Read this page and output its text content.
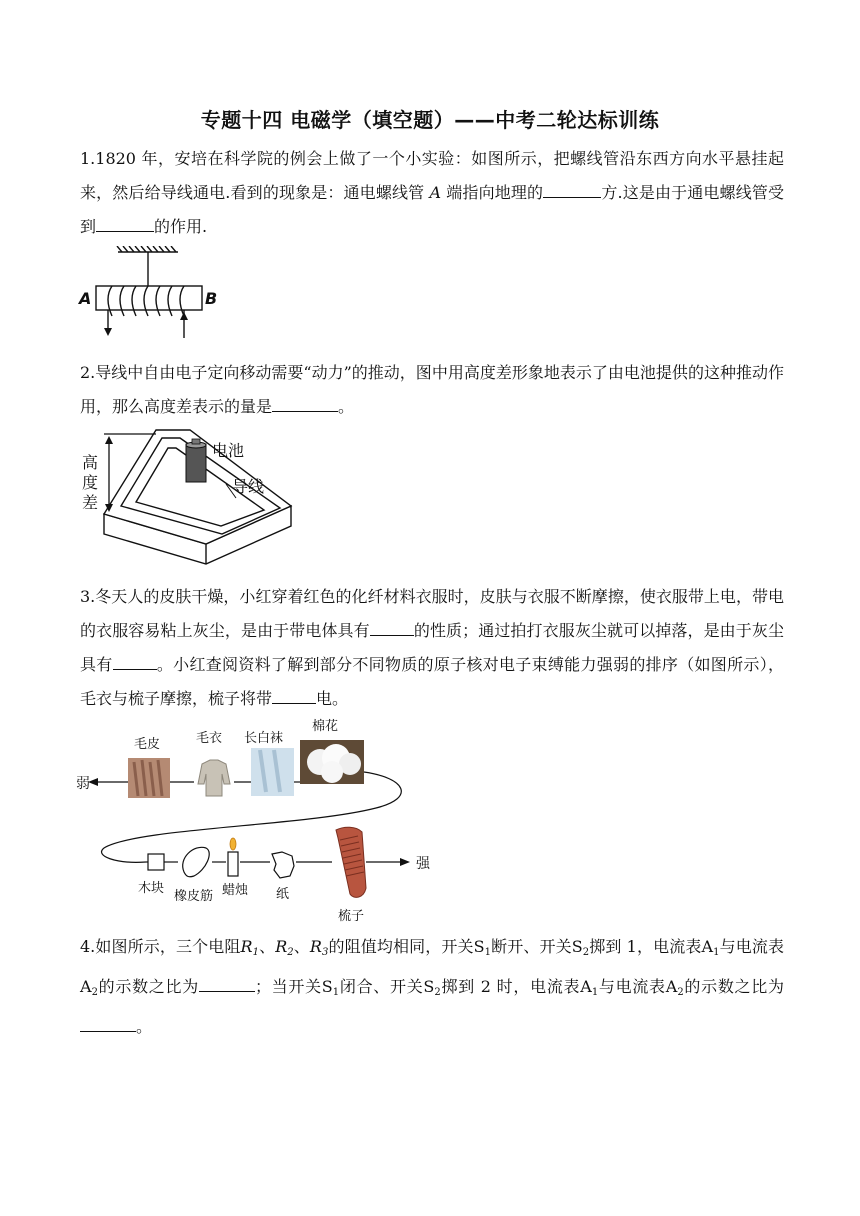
专题十四 电磁学（填空题）——中考二轮达标训练
1.1820 年，安培在科学院的例会上做了一个小实验：如图所示，把螺线管沿东西方向水平悬挂起来，然后给导线通电.看到的现象是：通电螺线管 A 端指向地理的	方.这是由于通电螺线管受到	的作用.
A	B
2.导线中自由电子定向移动需要“动力”的推动，图中用高度差形象地表示了由电池提供的这种推动作用，那么高度差表示的量是	。
高
度
差
电池
导线
3.冬天人的皮肤干燥，小红穿着红色的化纤材料衣服时，皮肤与衣服不断摩擦，使衣服带上电，带电的衣服容易粘上灰尘，是由于带电体具有	的性质；通过拍打衣服灰尘就可以掉落，是由于灰尘具有	。小红查阅资料了解到部分不同物质的原子核对电子束缚能力强弱的排序（如图所示），毛衣与梳子摩擦，梳子将带	电。
弱
强
毛皮	毛衣 长白袜
棉花
木块
橡皮筋 蜡烛 纸
梳子
4.如图所示，三个电阻$R_1$、$R_2$、$R_3$的阻值均相同，开关$S_1$断开、开关$S_2$掷到 1，电流表$A_1$与电流表$A_2$的示数之比为	；当开关$S_1$闭合、开关$S_2$掷到 2 时，电流表$A_1$与电流表$A_2$的示数之比为。
